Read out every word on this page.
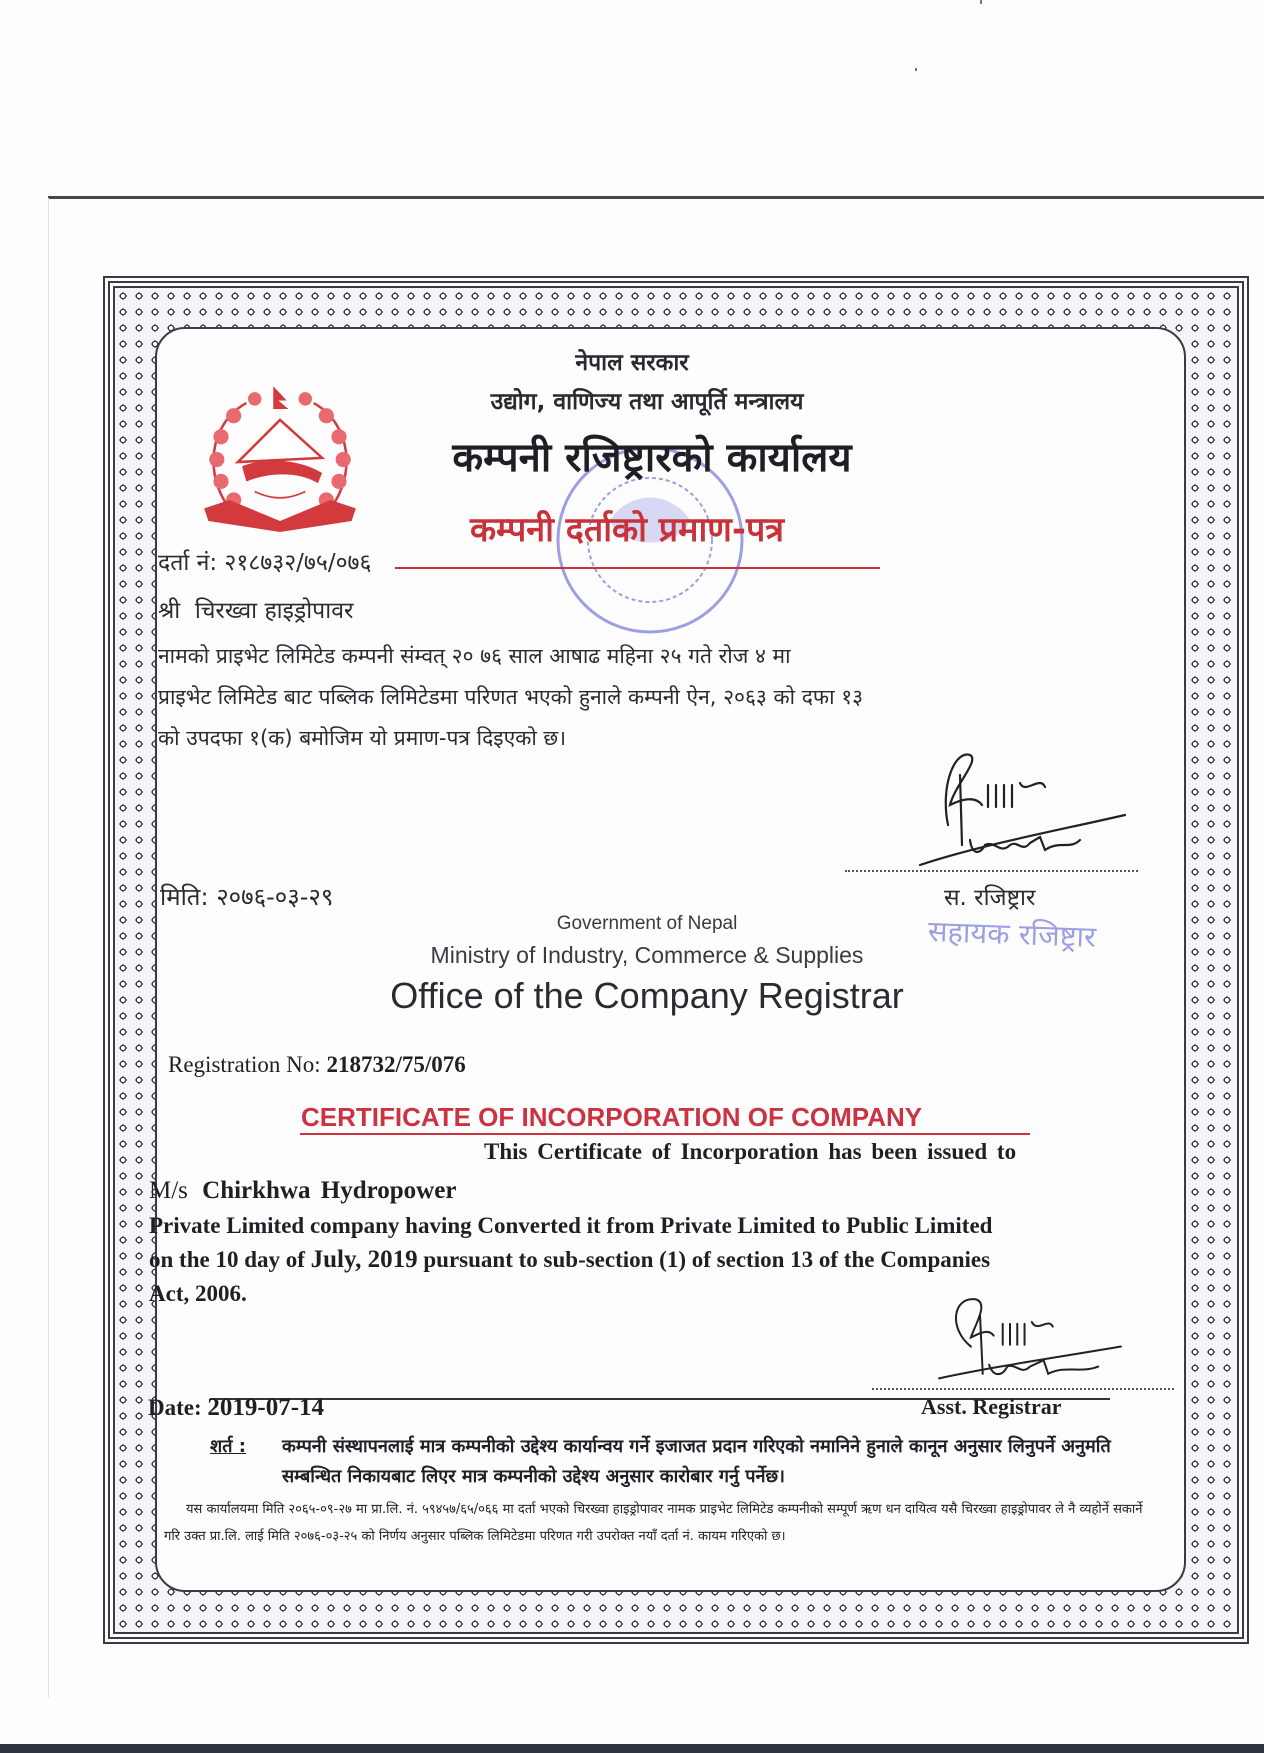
नेपाल सरकार
उद्योग, वाणिज्य तथा आपूर्ति मन्त्रालय
कम्पनी रजिष्ट्रारको कार्यालय
कम्पनी दर्ताको प्रमाण-पत्र
दर्ता नं: २१८७३२/७५/०७६
श्री चिरख्वा हाइड्रोपावर
नामको प्राइभेट लिमिटेड कम्पनी संम्वत् २० ७६ साल आषाढ महिना २५ गते रोज ४ मा
प्राइभेट लिमिटेड बाट पब्लिक लिमिटेडमा परिणत भएको हुनाले कम्पनी ऐन, २०६३ को दफा १३
को उपदफा १(क) बमोजिम यो प्रमाण-पत्र दिइएको छ।
मिति: २०७६-०३-२९	स. रजिष्ट्रार
सहायक रजिष्ट्रार
Government of Nepal
Ministry of Industry, Commerce & Supplies
Office of the Company Registrar
Registration No: 218732/75/076
CERTIFICATE OF INCORPORATION OF COMPANY
This Certificate of Incorporation has been issued to
M/s Chirkhwa Hydropower
Private Limited company having Converted it from Private Limited to Public Limited
on the 10 day of July, 2019 pursuant to sub-section (1) of section 13 of the Companies
Act, 2006.
Asst. Registrar
Date: 2019-07-14
शर्त : कम्पनी संस्थापनलाई मात्र कम्पनीको उद्देश्य कार्यान्वय गर्ने इजाजत प्रदान गरिएको नमानिने हुनाले कानून अनुसार लिनुपर्ने अनुमति सम्बन्धित निकायबाट लिएर मात्र कम्पनीको उद्देश्य अनुसार कारोबार गर्नु पर्नेछ।
यस कार्यालयमा मिति २०६५-०९-२७ मा प्रा.लि. नं. ५९४५७/६५/०६६ मा दर्ता भएको चिरख्वा हाइड्रोपावर नामक प्राइभेट लिमिटेड कम्पनीको सम्पूर्ण ऋण धन दायित्व यसै चिरख्वा हाइड्रोपावर ले नै व्यहोर्ने सकार्ने गरि उक्त प्रा.लि. लाई मिति २०७६-०३-२५ को निर्णय अनुसार पब्लिक लिमिटेडमा परिणत गरी उपरोक्त नयाँ दर्ता नं. कायम गरिएको छ।
